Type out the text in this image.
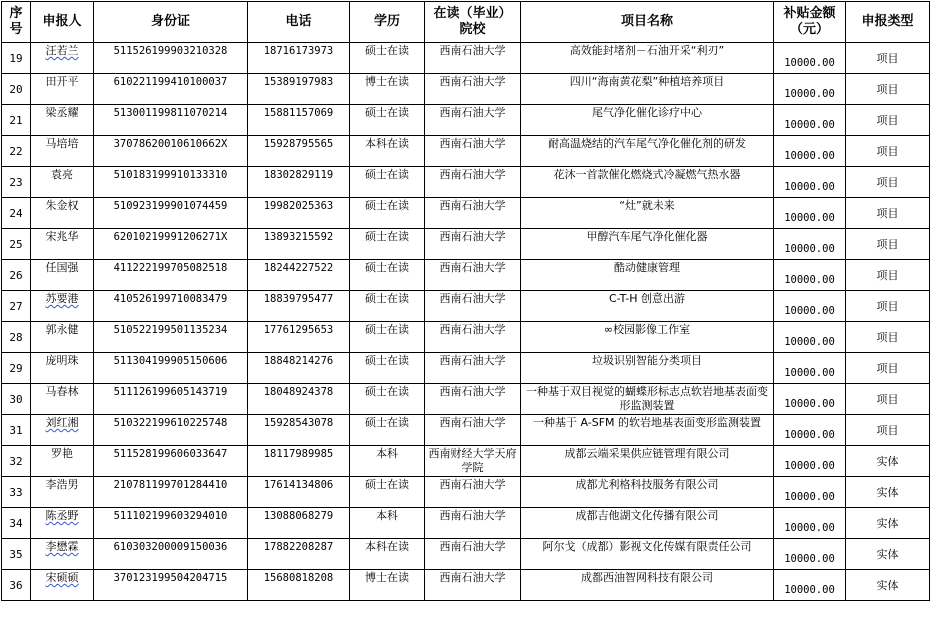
序号	申报人	身份证	电话	学历	在读（毕业）院校	项目名称	补贴金额（元）	申报类型
19	汪若兰	511526199903210328	18716173973	硕士在读	西南石油大学	高效能封堵剂－石油开采“利刃”	10000.00	项目
20	田开平	610221199410100037	15389197983	博士在读	西南石油大学	四川“海南黄花梨”种植培养项目	10000.00	项目
21	梁丞耀	513001199811070214	15881157069	硕士在读	西南石油大学	尾气净化催化诊疗中心	10000.00	项目
22	马培培	37078620010610662X	15928795565	本科在读	西南石油大学	耐高温烧结的汽车尾气净化催化剂的研发	10000.00	项目
23	袁亮	510183199910133310	18302829119	硕士在读	西南石油大学	花沐一首款催化燃烧式冷凝燃气热水器	10000.00	项目
24	朱金权	510923199901074459	19982025363	硕士在读	西南石油大学	“灶”就未来	10000.00	项目
25	宋兆华	62010219991206271X	13893215592	硕士在读	西南石油大学	甲醇汽车尾气净化催化器	10000.00	项目
26	任国强	411222199705082518	18244227522	硕士在读	西南石油大学	酷动健康管理	10000.00	项目
27	苏要港	410526199710083479	18839795477	硕士在读	西南石油大学	C-T-H 创意出游	10000.00	项目
28	郭永健	510522199501135234	17761295653	硕士在读	西南石油大学	∞校园影像工作室	10000.00	项目
29	庞明珠	511304199905150606	18848214276	硕士在读	西南石油大学	垃圾识别智能分类项目	10000.00	项目
30	马春林	511126199605143719	18048924378	硕士在读	西南石油大学	一种基于双目视觉的蝴蝶形标志点软岩地基表面变形监测装置	10000.00	项目
31	刘红湘	510322199610225748	15928543078	硕士在读	西南石油大学	一种基于 A-SFM 的软岩地基表面变形监测装置	10000.00	项目
32	罗艳	511528199606033647	18117989985	本科	西南财经大学天府学院	成都云端采果供应链管理有限公司	10000.00	实体
33	李浩男	210781199701284410	17614134806	硕士在读	西南石油大学	成都尤利格科技服务有限公司	10000.00	实体
34	陈丞野	511102199603294010	13088068279	本科	西南石油大学	成都吉他湖文化传播有限公司	10000.00	实体
35	李懋霖	610303200009150036	17882208287	本科在读	西南石油大学	阿尔戈（成都）影视文化传媒有限责任公司	10000.00	实体
36	宋硕硕	370123199504204715	15680818208	博士在读	西南石油大学	成都西油智网科技有限公司	10000.00	实体
